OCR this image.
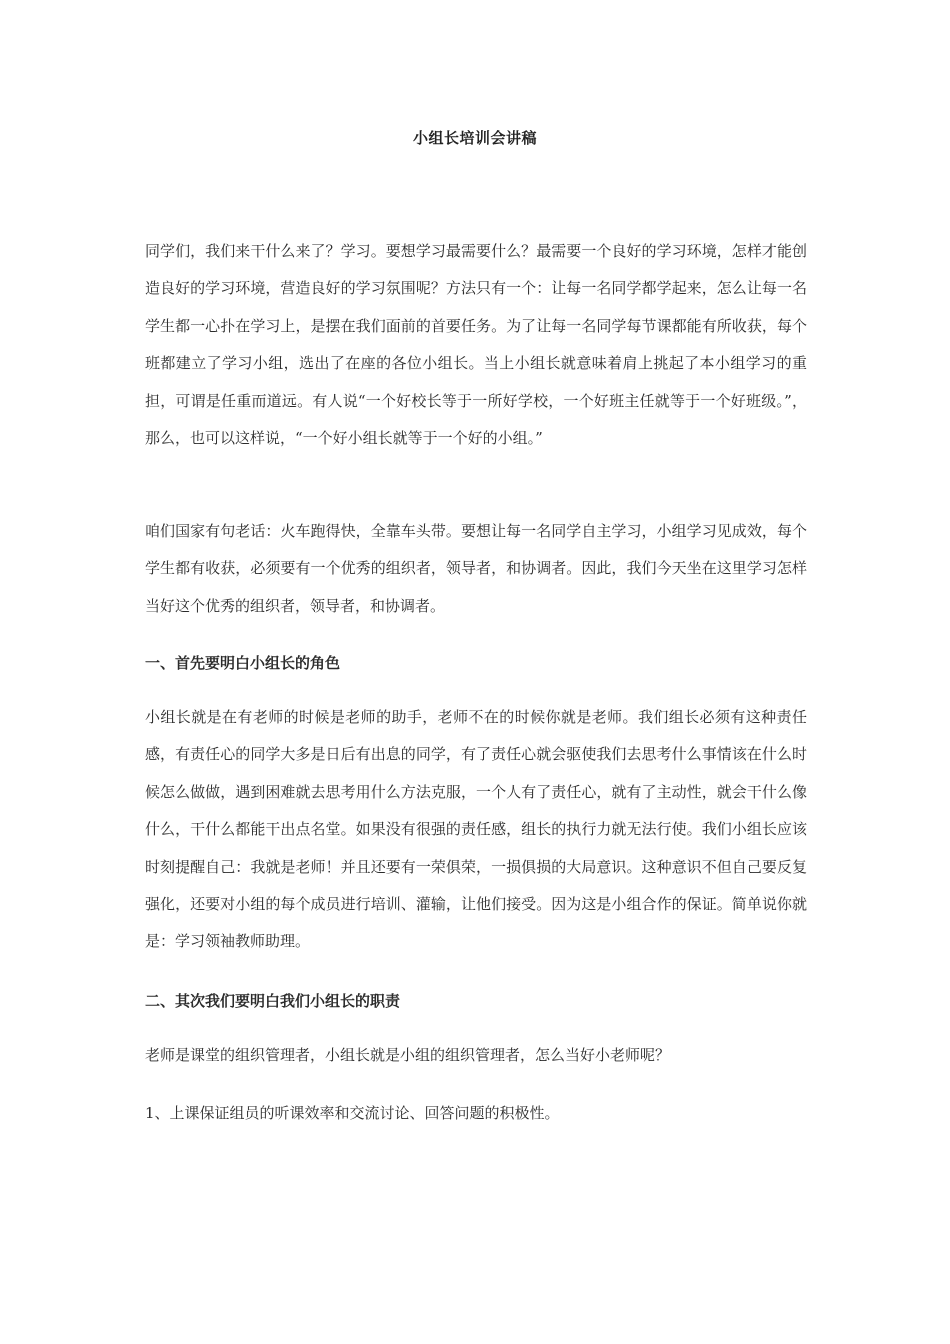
小组长培训会讲稿

同学们，我们来干什么来了？学习。要想学习最需要什么？最需要一个良好的学习环境，怎样才能创造良好的学习环境，营造良好的学习氛围呢？方法只有一个：让每一名同学都学起来，怎么让每一名学生都一心扑在学习上，是摆在我们面前的首要任务。为了让每一名同学每节课都能有所收获，每个班都建立了学习小组，选出了在座的各位小组长。当上小组长就意味着肩上挑起了本小组学习的重担，可谓是任重而道远。有人说“一个好校长等于一所好学校，一个好班主任就等于一个好班级。”，那么，也可以这样说，“一个好小组长就等于一个好的小组。”

咱们国家有句老话：火车跑得快，全靠车头带。要想让每一名同学自主学习，小组学习见成效，每个学生都有收获，必须要有一个优秀的组织者，领导者，和协调者。因此，我们今天坐在这里学习怎样当好这个优秀的组织者，领导者，和协调者。

一、首先要明白小组长的角色

小组长就是在有老师的时候是老师的助手，老师不在的时候你就是老师。我们组长必须有这种责任感，有责任心的同学大多是日后有出息的同学，有了责任心就会驱使我们去思考什么事情该在什么时候怎么做做，遇到困难就去思考用什么方法克服，一个人有了责任心，就有了主动性，就会干什么像什么，干什么都能干出点名堂。如果没有很强的责任感，组长的执行力就无法行使。我们小组长应该时刻提醒自己：我就是老师！并且还要有一荣俱荣，一损俱损的大局意识。这种意识不但自己要反复强化，还要对小组的每个成员进行培训、灌输，让他们接受。因为这是小组合作的保证。简单说你就是：学习领袖教师助理。

二、其次我们要明白我们小组长的职责

老师是课堂的组织管理者，小组长就是小组的组织管理者，怎么当好小老师呢？

1、上课保证组员的听课效率和交流讨论、回答问题的积极性。
